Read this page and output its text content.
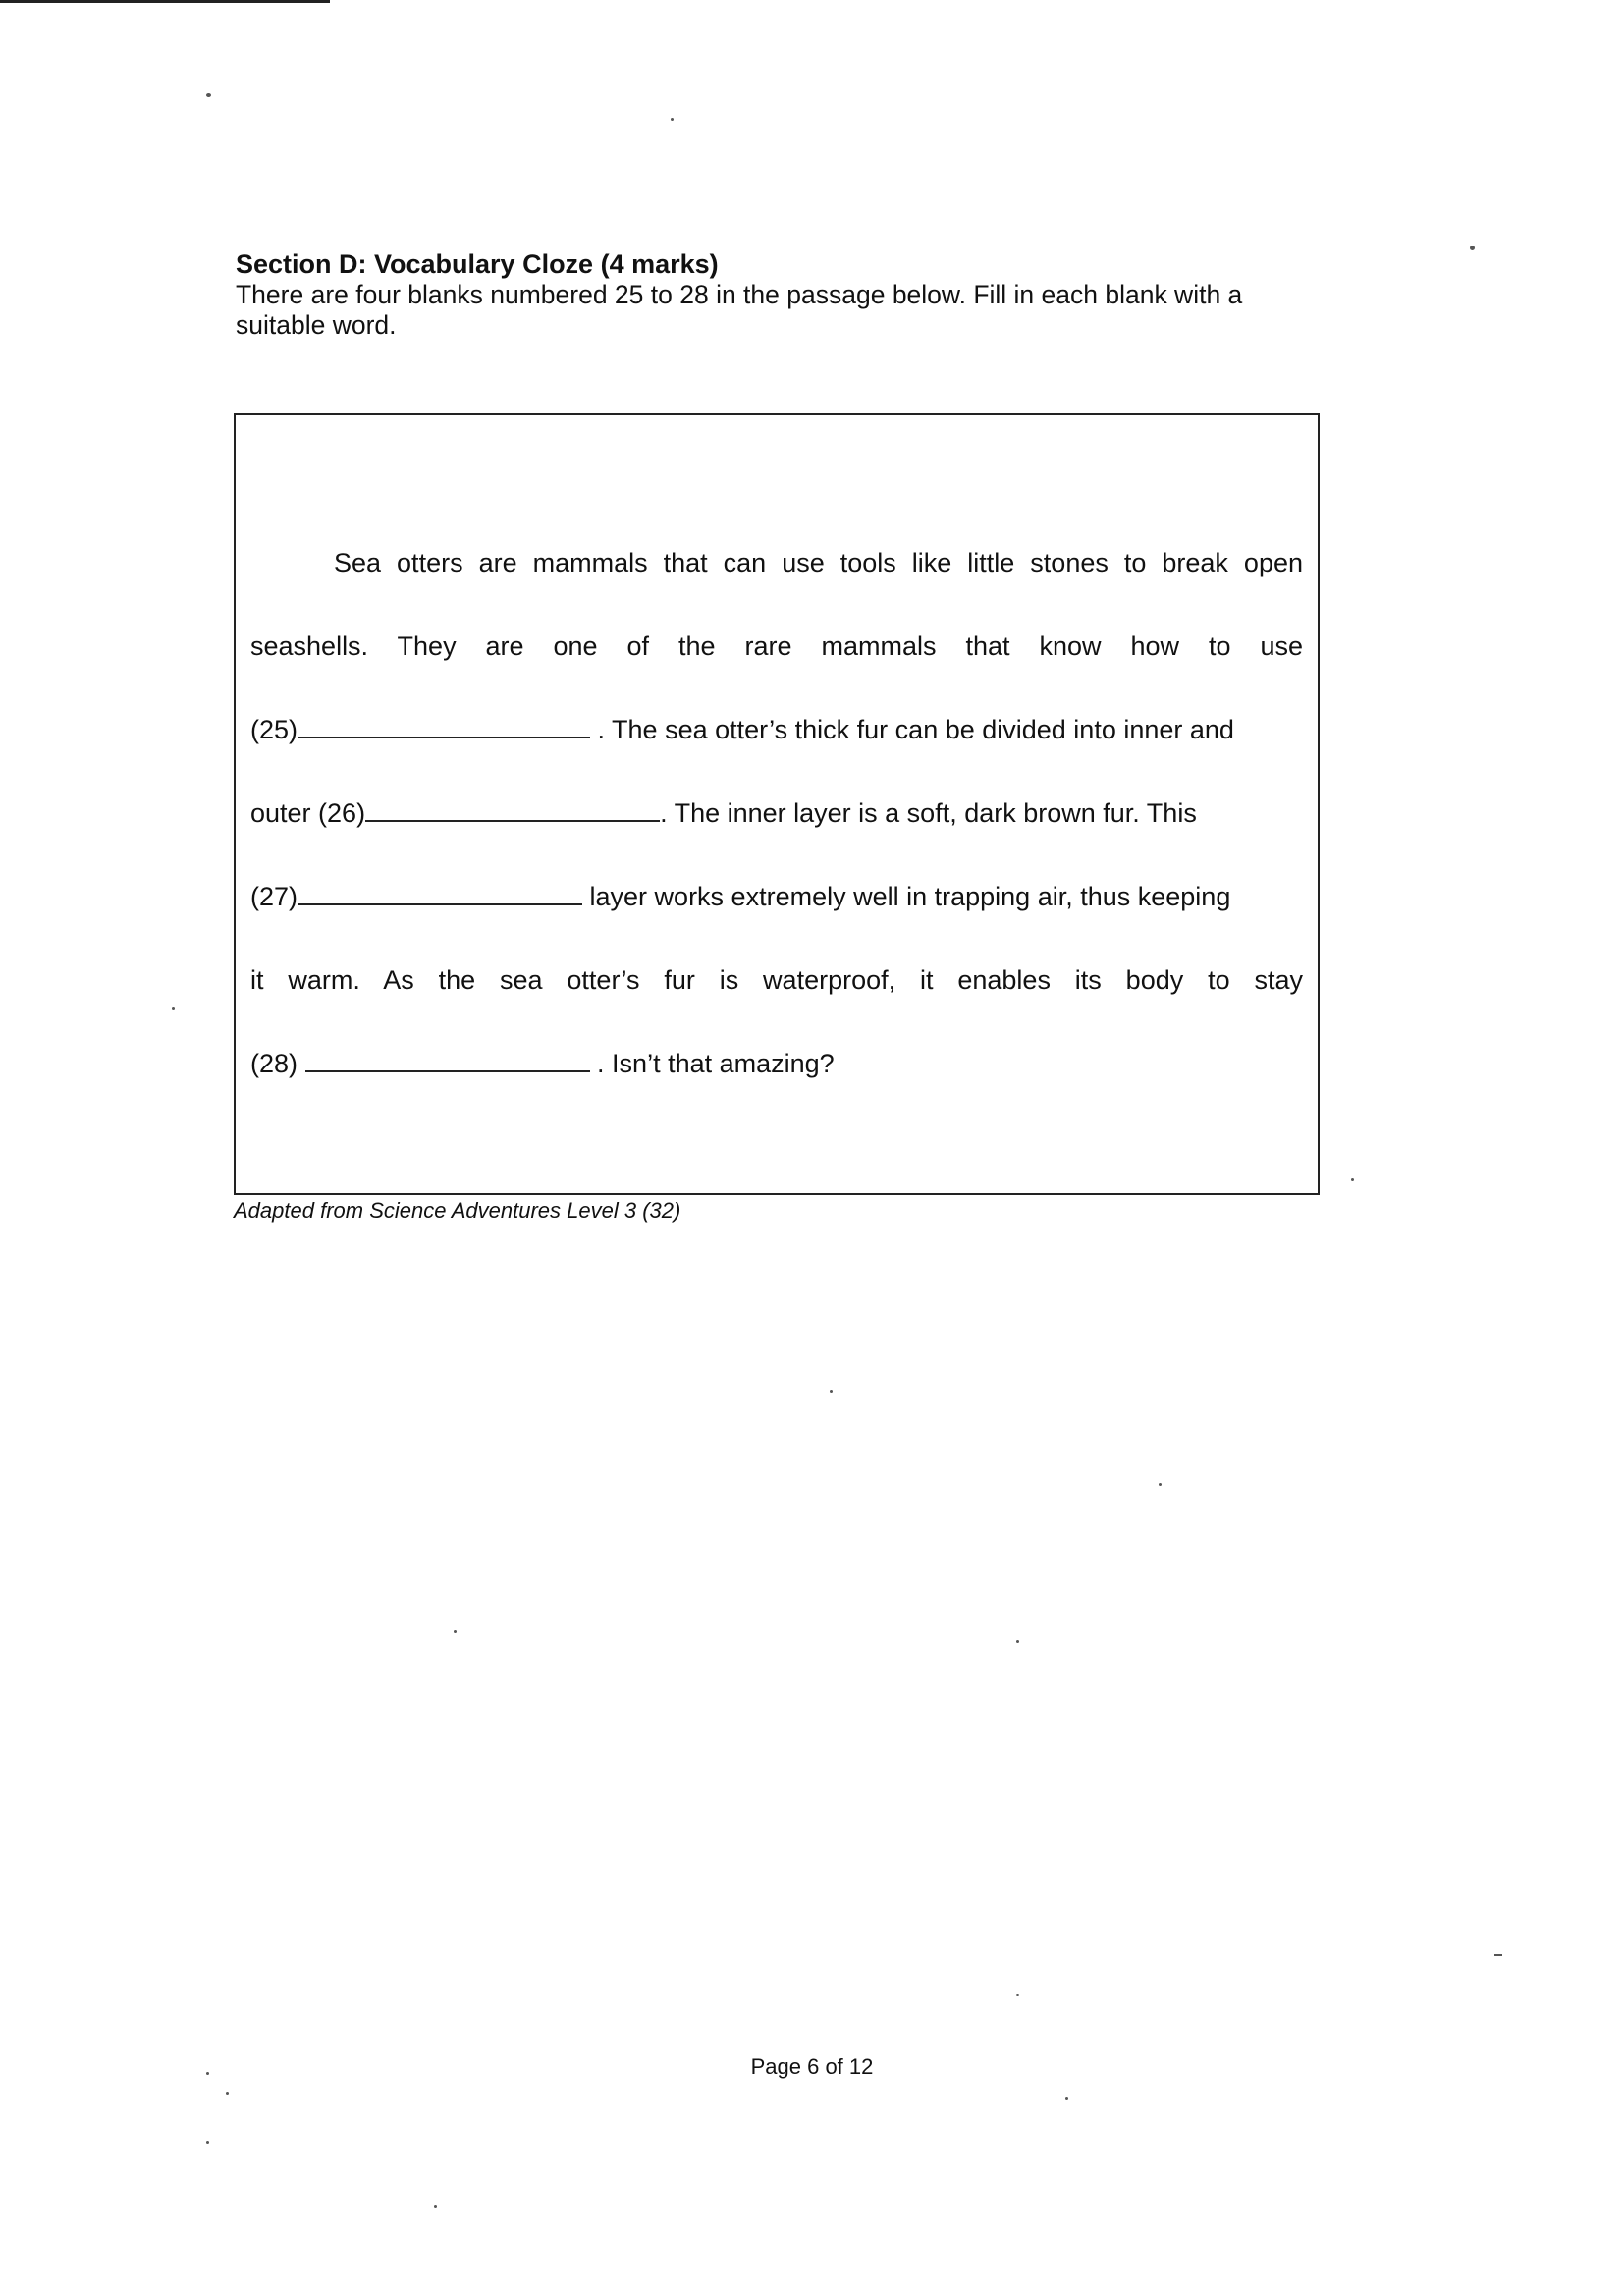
Section D: Vocabulary Cloze (4 marks)

There are four blanks numbered 25 to 28 in the passage below. Fill in each blank with a suitable word.

Sea otters are mammals that can use tools like little stones to break open
seashells. They are one of the rare mammals that know how to use
(25)	. The sea otter’s thick fur can be divided into inner and
outer (26)	. The inner layer is a soft, dark brown fur. This
(27)	layer works extremely well in trapping air, thus keeping
it warm. As the sea otter’s fur is waterproof, it enables its body to stay
(28)	. Isn’t that amazing?

Adapted from Science Adventures Level 3 (32)

Page 6 of 12
